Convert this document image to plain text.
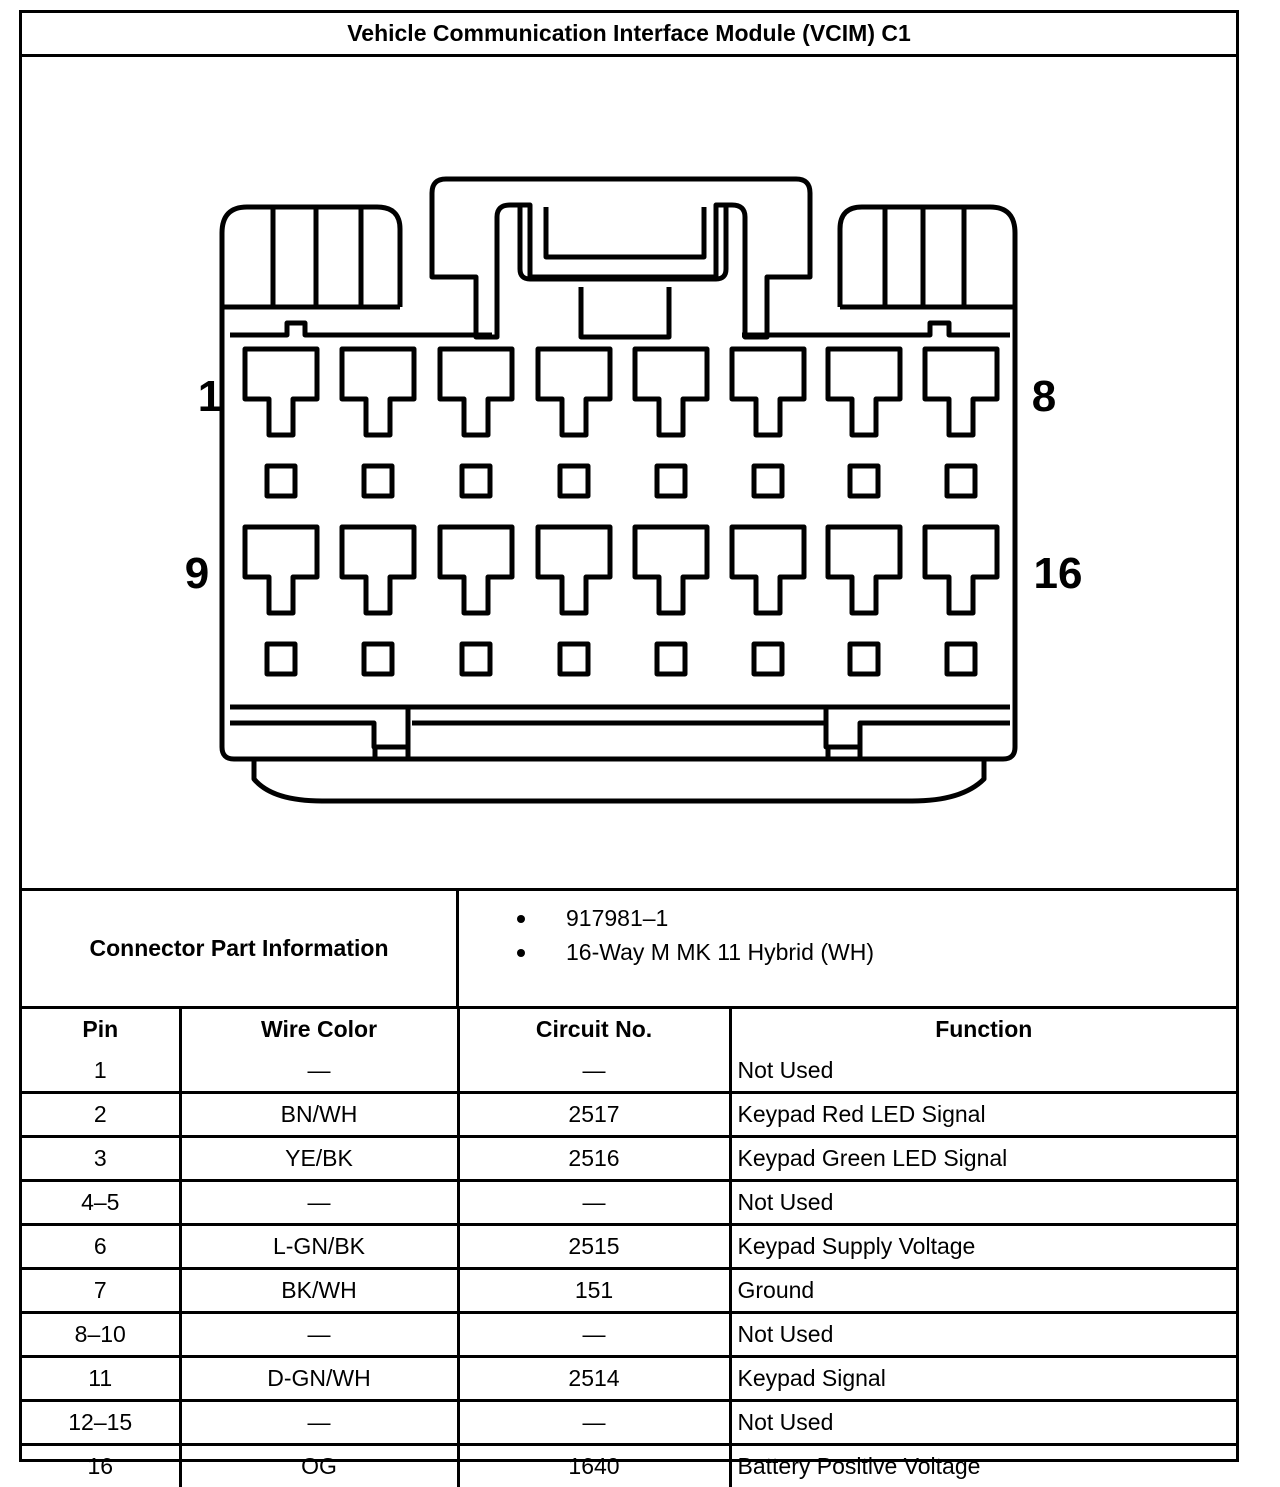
Vehicle Communication Interface Module (VCIM) C1
1	8
9	16
Connector Part Information
917981–1
16-Way M MK 11 Hybrid (WH)
Pin	Wire Color	Circuit No.	Function
1	—	—	Not Used
2	BN/WH	2517	Keypad Red LED Signal
3	YE/BK	2516	Keypad Green LED Signal
4–5	—	—	Not Used
6	L-GN/BK	2515	Keypad Supply Voltage
7	BK/WH	151	Ground
8–10	—	—	Not Used
11	D-GN/WH	2514	Keypad Signal
12–15	—	—	Not Used
16	OG	1640	Battery Positive Voltage
